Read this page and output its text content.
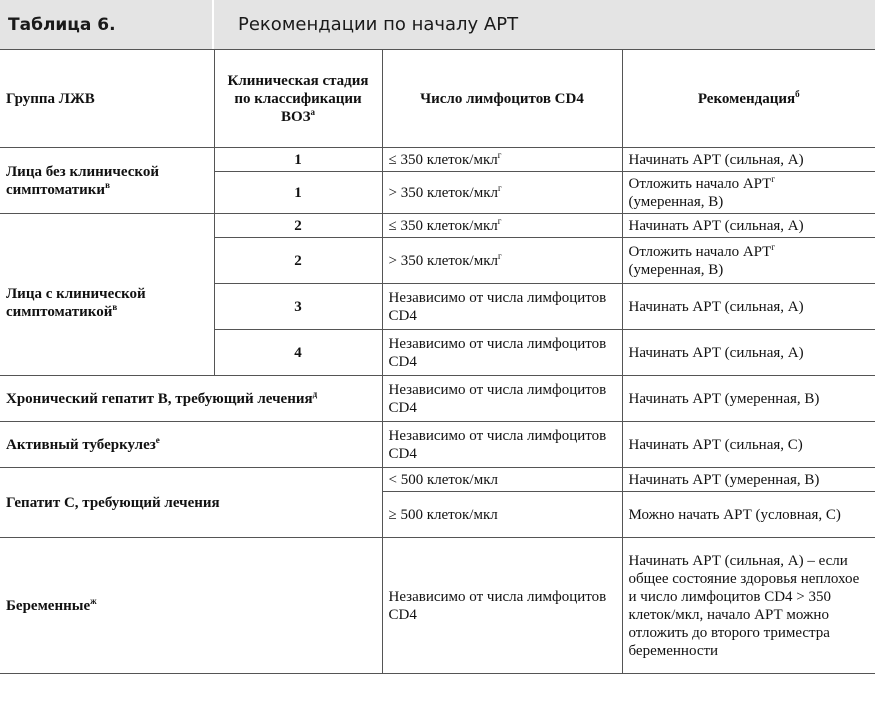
Таблица 6.	Рекомендации по началу АРТ
Группа ЛЖВ	Клиническая стадия по классификации $ВОЗ^а$	Число лимфоцитов CD4	Рекомендация$^б$
Лица без клинической симптоматики$^в$	1	≤ 350 клеток/мкл$^г$	Начинать АРТ (сильная, А)
	1	> 350 клеток/мкл$^г$	Отложить начало $АРТ^г$
(умеренная, В)
Лица с клинической симптоматикой$^в$	2	≤ 350 клеток/мкл$^г$	Начинать АРТ (сильная, А)
	2	> 350 клеток/мкл$^г$	Отложить начало $АРТ^г$
(умеренная, В)
	3	Независимо от числа лимфоцитов CD4	Начинать АРТ (сильная, А)
	4	Независимо от числа лимфоцитов CD4	Начинать АРТ (сильная, А)
Хронический гепатит В, требующий лечения$^д$		Независимо от числа лимфоцитов CD4	Начинать АРТ (умеренная, В)
Активный туберкулез$^е$		Независимо от числа лимфоцитов CD4	Начинать АРТ (сильная, С)
Гепатит С, требующий лечения		< 500 клеток/мкл	Начинать АРТ (умеренная, В)
		≥ 500 клеток/мкл	Можно начать АРТ (условная, С)
Беременные$^ж$		Независимо от числа лимфоцитов CD4	Начинать АРТ (сильная, А) – если общее состояние здоровья неплохое и число лимфоцитов CD4 > 350 клеток/мкл, начало АРТ можно отложить до второго триместра беременности
